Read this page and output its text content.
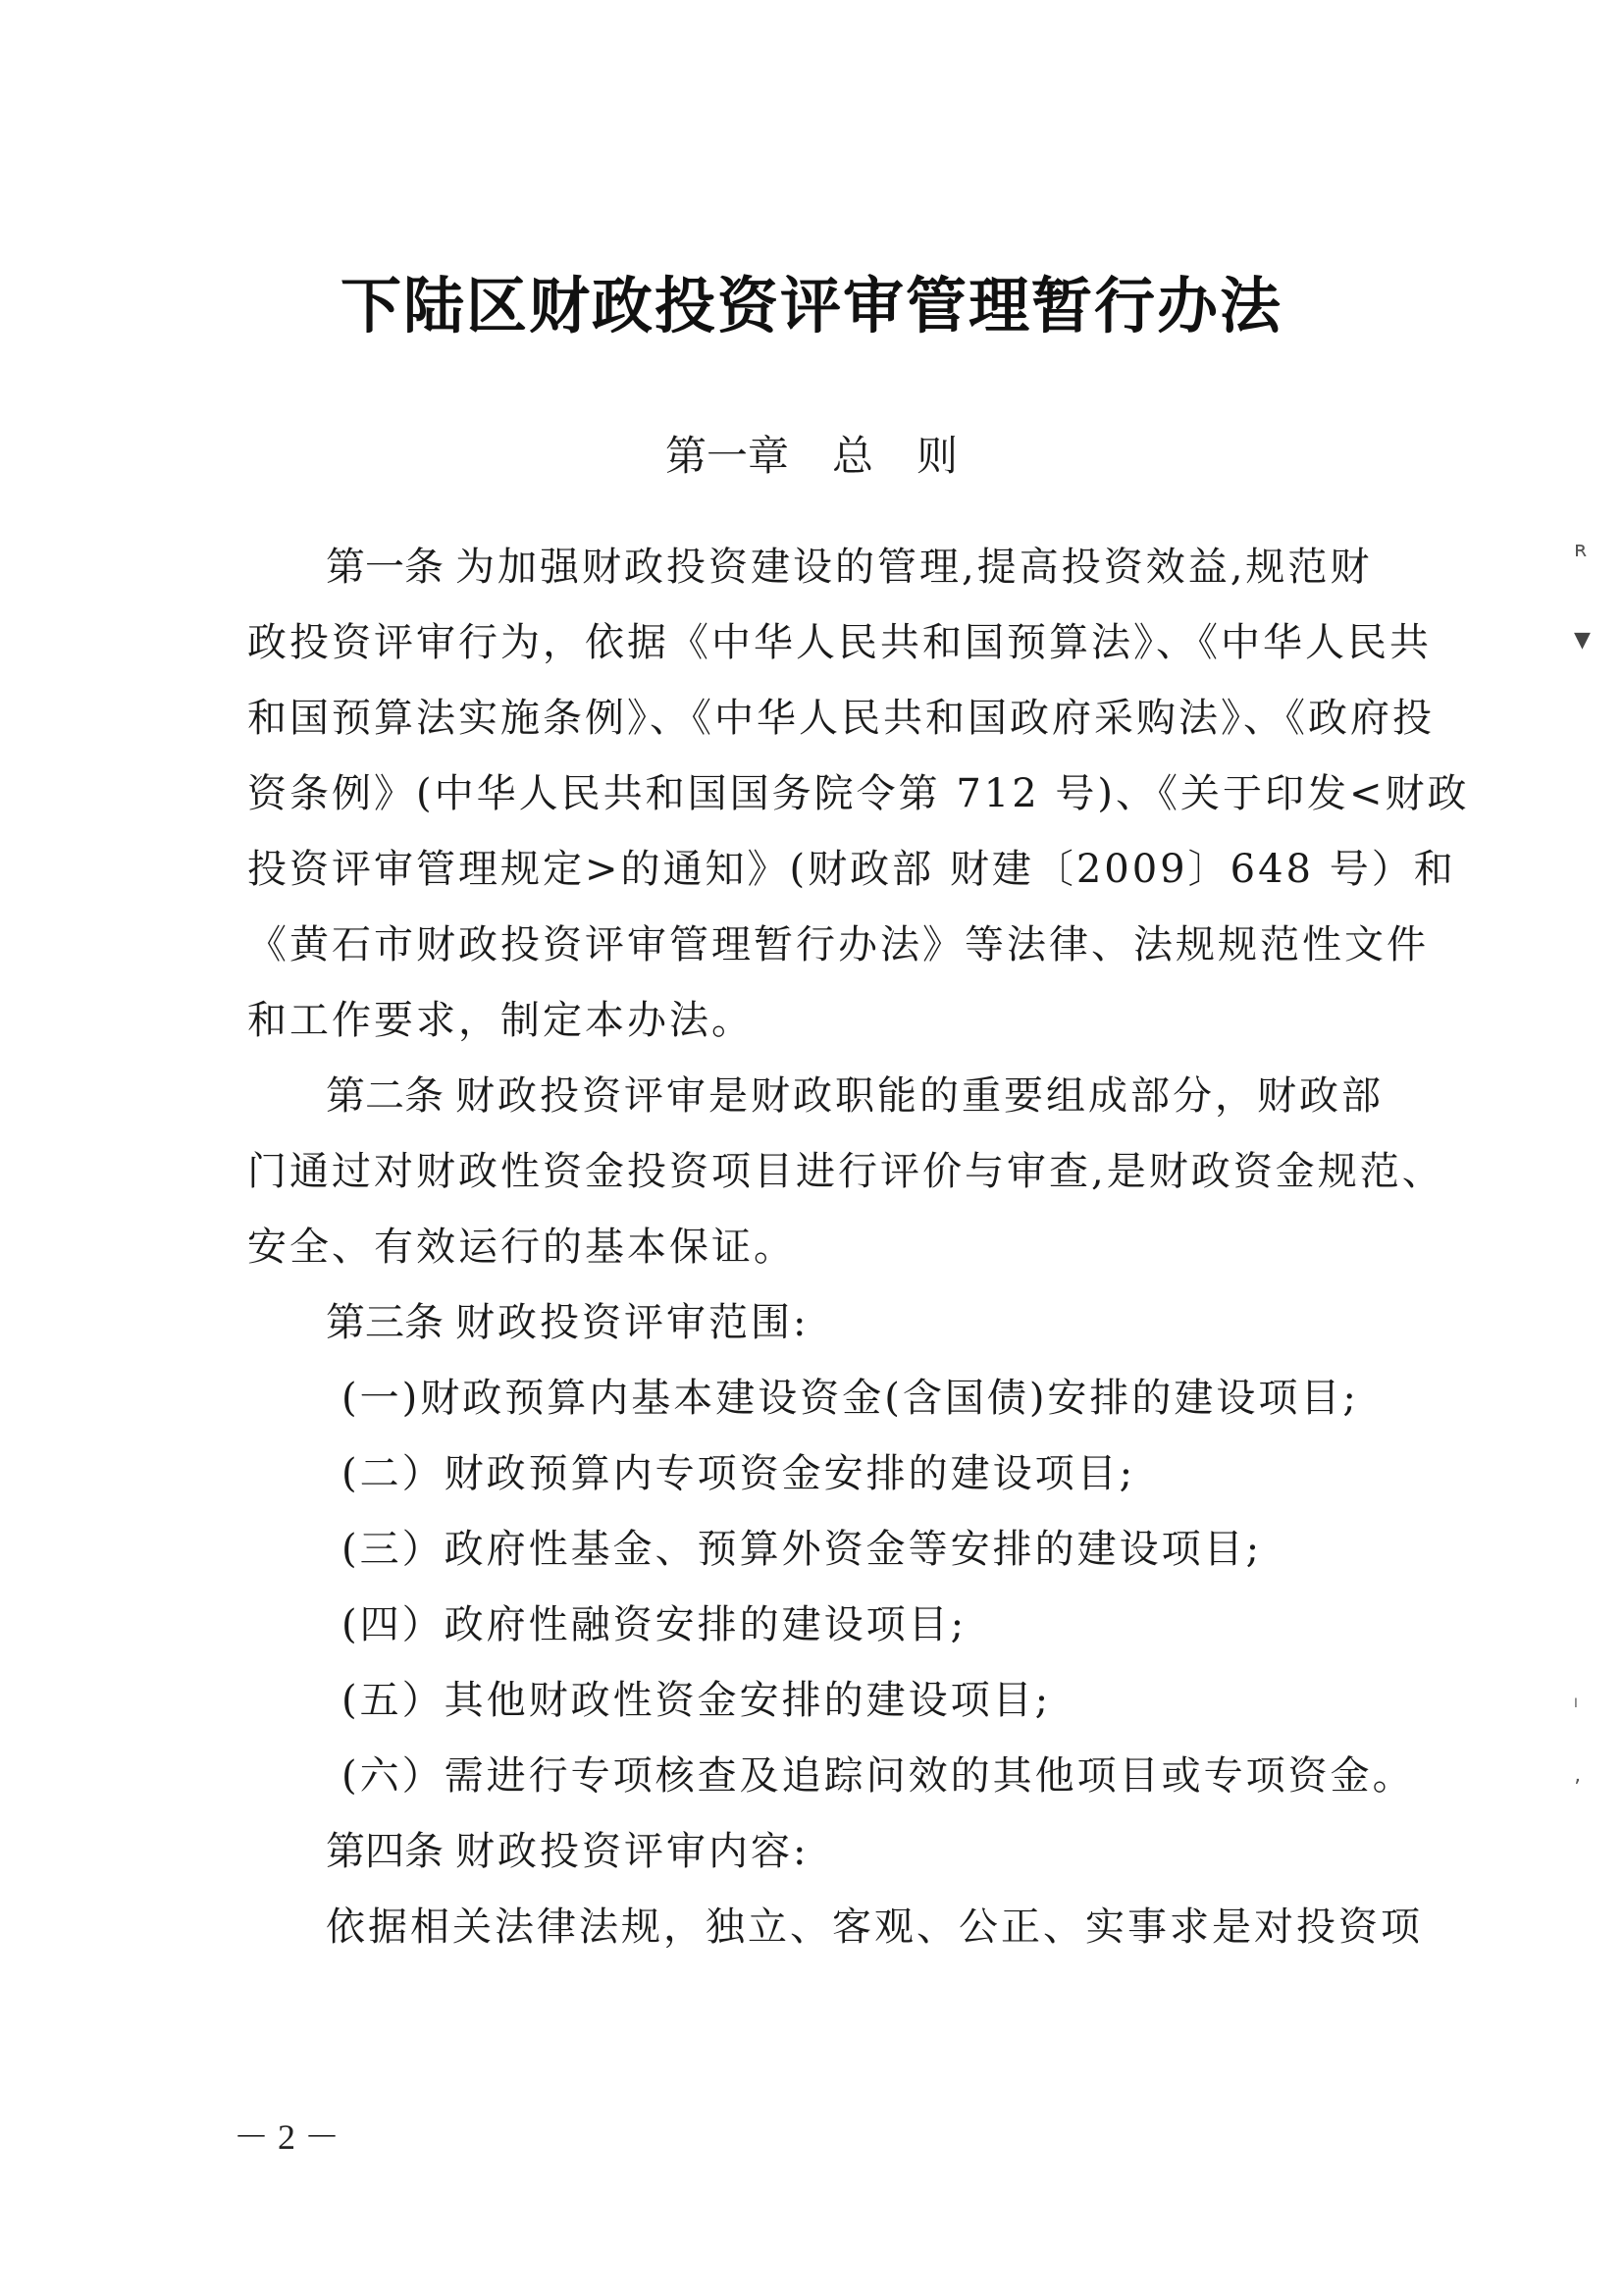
下陆区财政投资评审管理暂行办法
第一章 总 则
第一条 为加强财政投资建设的管理,提高投资效益,规范财
政投资评审行为，依据《中华人民共和国预算法》、《中华人民共
和国预算法实施条例》、《中华人民共和国政府采购法》、《政府投
资条例》(中华人民共和国国务院令第 712 号)、《关于印发<财政
投资评审管理规定>的通知》(财政部 财建〔2009〕648 号）和
《黄石市财政投资评审管理暂行办法》等法律、法规规范性文件
和工作要求，制定本办法。
第二条 财政投资评审是财政职能的重要组成部分，财政部
门通过对财政性资金投资项目进行评价与审查,是财政资金规范、
安全、有效运行的基本保证。
第三条 财政投资评审范围:
(一)财政预算内基本建设资金(含国债)安排的建设项目;
(二）财政预算内专项资金安排的建设项目;
(三）政府性基金、预算外资金等安排的建设项目;
(四）政府性融资安排的建设项目;
(五）其他财政性资金安排的建设项目;
(六）需进行专项核查及追踪问效的其他项目或专项资金。
第四条 财政投资评审内容:
依据相关法律法规，独立、客观、公正、实事求是对投资项
－ 2 －
ʀ
▼
ˡ
ʼ
